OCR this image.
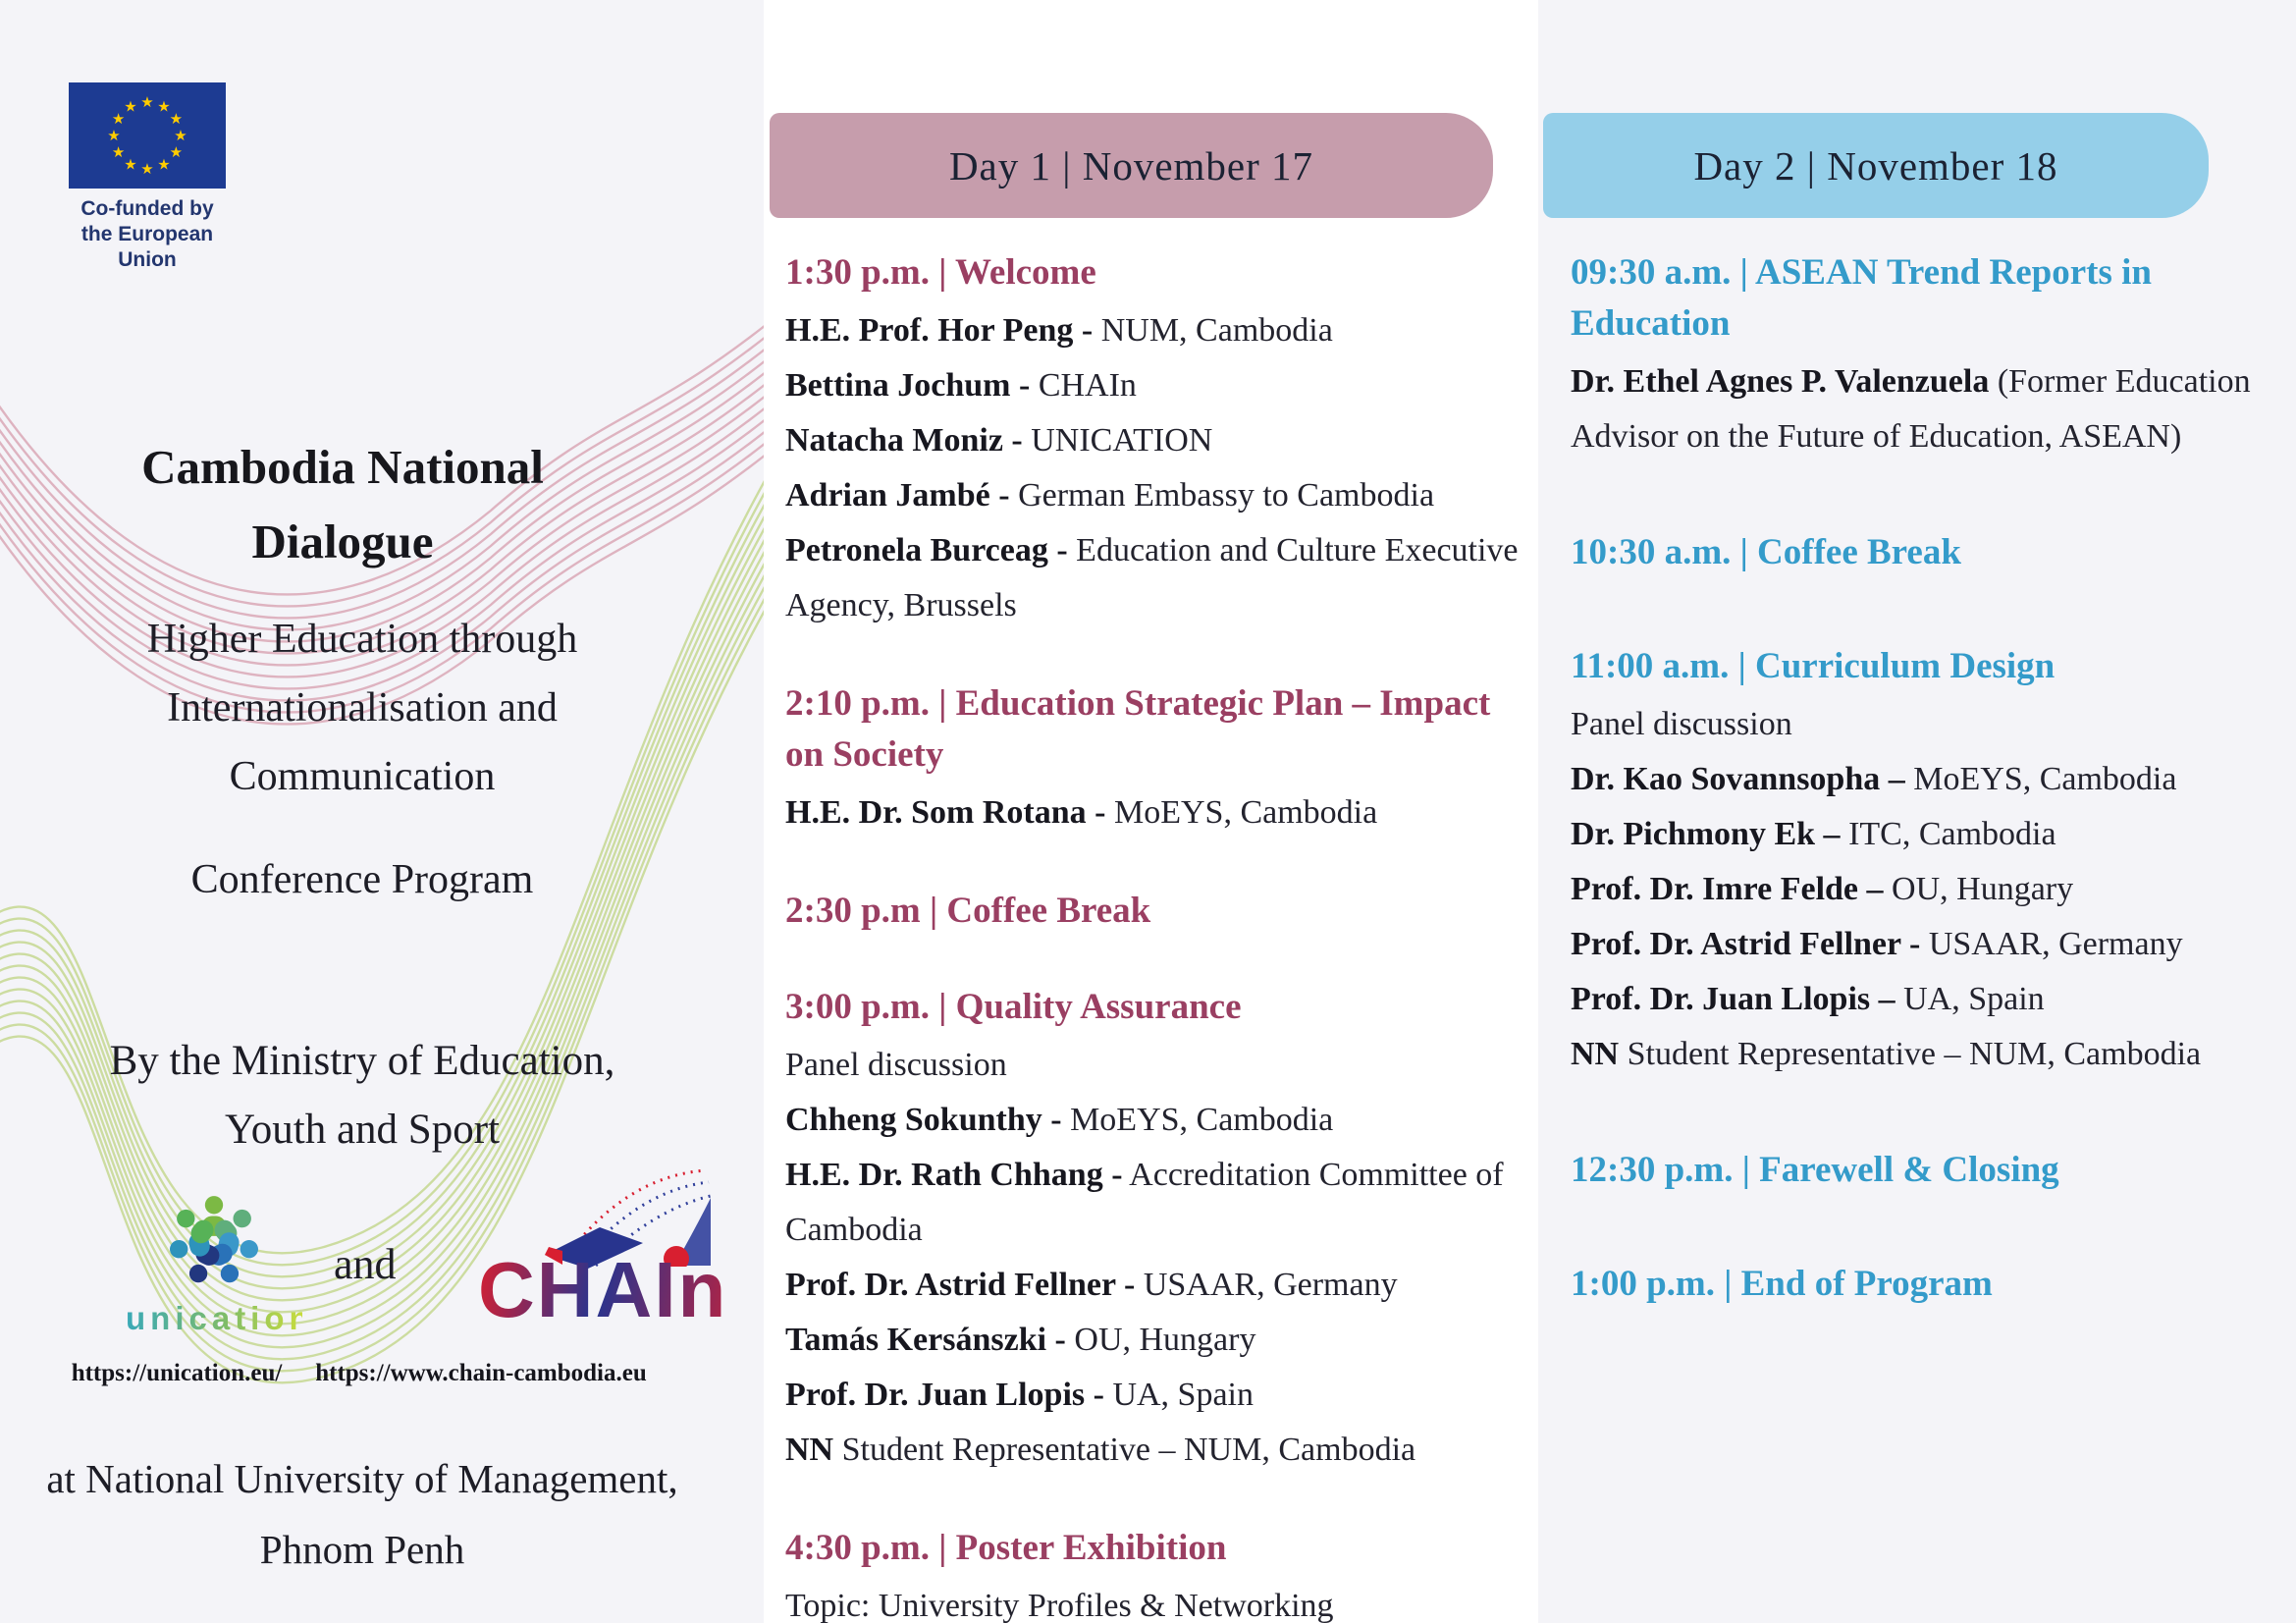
★ ★
★
★
★
★
★
★
★
★
★
★
Co-funded by
the European Union
Cambodia National Dialogue
Higher Education through Internationalisation and Communication
Conference Program
By the Ministry of Education, Youth and Sport
unication
and CHAIn
https://unication.eu/	https://www.chain-cambodia.eu
at National University of Management, Phnom Penh
Day 1 | November 17
1:30 p.m. | Welcome
H.E. Prof. Hor Peng - NUM, Cambodia
Bettina Jochum - CHAIn
Natacha Moniz - UNICATION
Adrian Jambé - German Embassy to Cambodia
Petronela Burceag - Education and Culture Executive Agency, Brussels
2:10 p.m. | Education Strategic Plan – Impact on Society
H.E. Dr. Som Rotana - MoEYS, Cambodia
2:30 p.m | Coffee Break
3:00 p.m. | Quality Assurance
Panel discussion
Chheng Sokunthy - MoEYS, Cambodia
H.E. Dr. Rath Chhang - Accreditation Committee of Cambodia
Prof. Dr. Astrid Fellner - USAAR, Germany
Tamás Kersánszki - OU, Hungary
Prof. Dr. Juan Llopis - UA, Spain
NN Student Representative – NUM, Cambodia
4:30 p.m. | Poster Exhibition
Topic: University Profiles & Networking
Day 2 | November 18
09:30 a.m. | ASEAN Trend Reports in Education
Dr. Ethel Agnes P. Valenzuela (Former Education Advisor on the Future of Education, ASEAN)
10:30 a.m. | Coffee Break
11:00 a.m. | Curriculum Design
Panel discussion
Dr. Kao Sovannsopha – MoEYS, Cambodia
Dr. Pichmony Ek – ITC, Cambodia
Prof. Dr. Imre Felde – OU, Hungary
Prof. Dr. Astrid Fellner - USAAR, Germany
Prof. Dr. Juan Llopis – UA, Spain
NN Student Representative – NUM, Cambodia
12:30 p.m. | Farewell & Closing
1:00 p.m. | End of Program
